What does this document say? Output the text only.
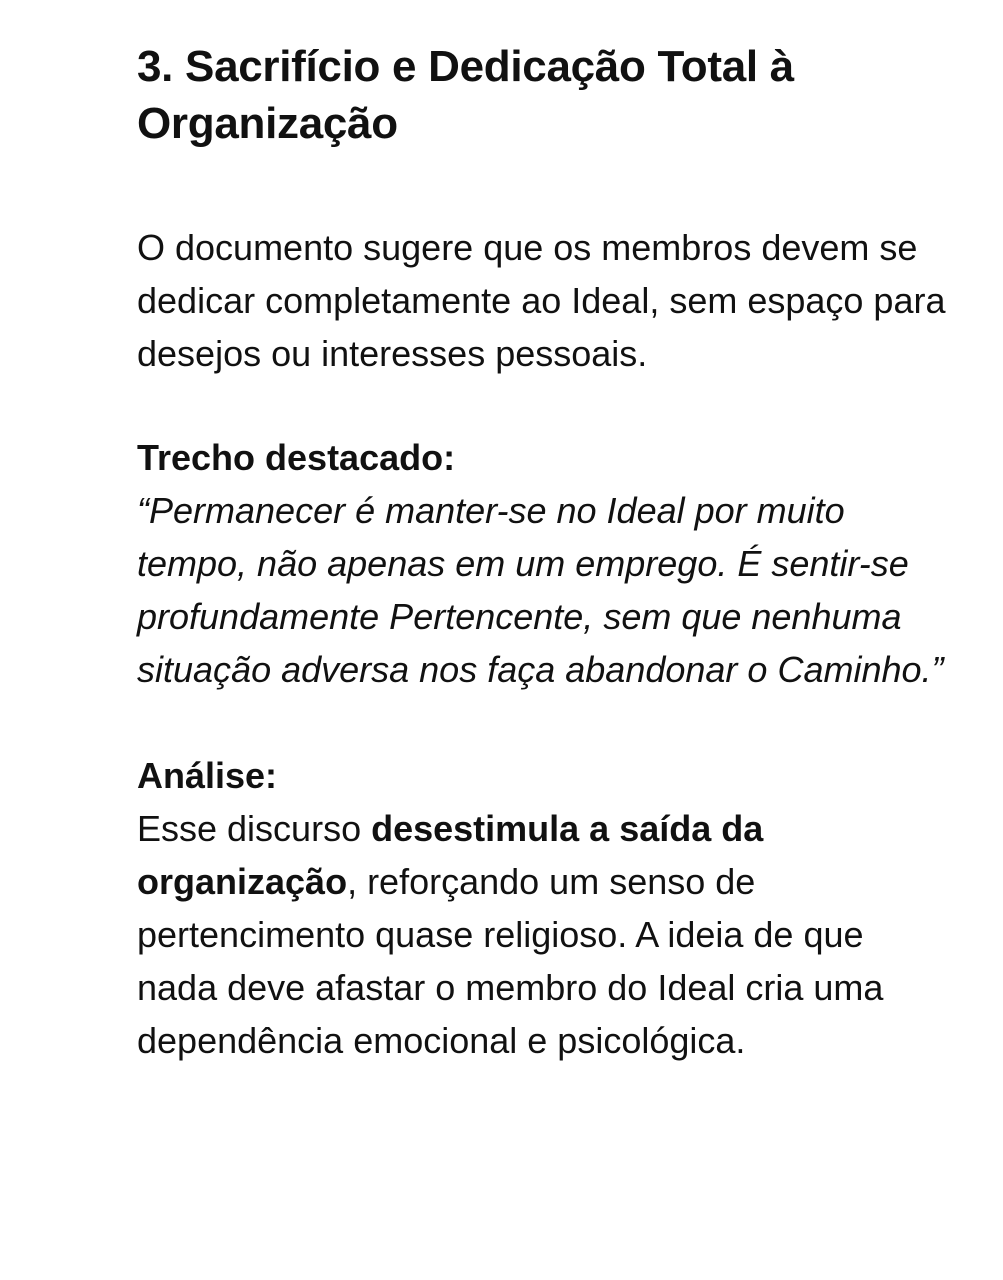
3. Sacrifício e Dedicação Total à Organização

O documento sugere que os membros devem se dedicar completamente ao Ideal, sem espaço para desejos ou interesses pessoais.

Trecho destacado:

“Permanecer é manter-se no Ideal por muito tempo, não apenas em um emprego. É sentir-se profundamente Pertencente, sem que nenhuma situação adversa nos faça abandonar o Caminho.”

Análise:

Esse discurso desestimula a saída da organização, reforçando um senso de pertencimento quase religioso. A ideia de que nada deve afastar o membro do Ideal cria uma dependência emocional e psicológica.
